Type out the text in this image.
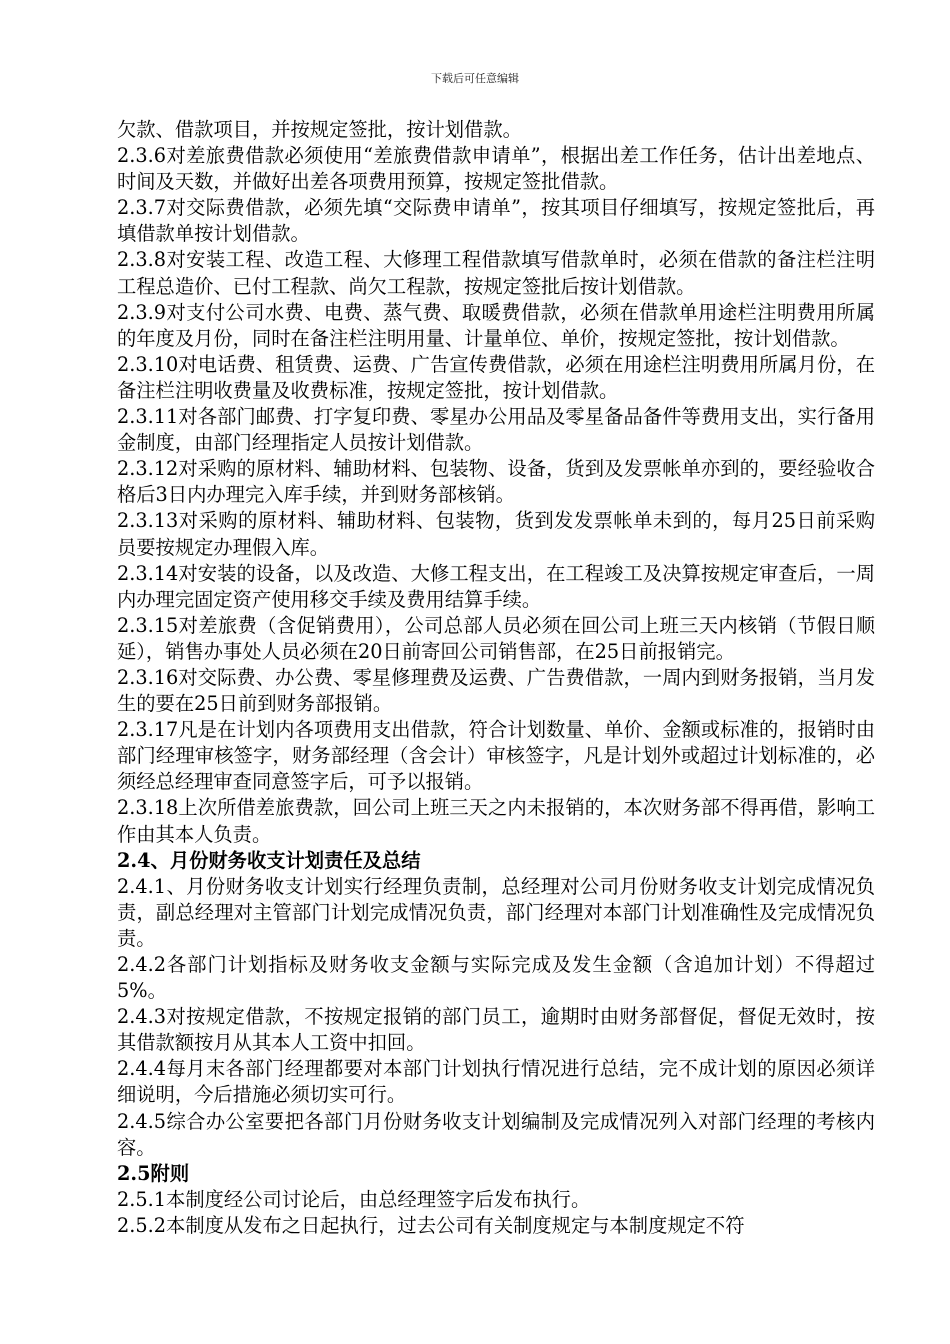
下载后可任意编辑

欠款、借款项目，并按规定签批，按计划借款。

2.3.6对差旅费借款必须使用“差旅费借款申请单”，根据出差工作任务，估计出差地点、时间及天数，并做好出差各项费用预算，按规定签批借款。

2.3.7对交际费借款，必须先填“交际费申请单”，按其项目仔细填写，按规定签批后，再填借款单按计划借款。

2.3.8对安装工程、改造工程、大修理工程借款填写借款单时，必须在借款的备注栏注明工程总造价、已付工程款、尚欠工程款，按规定签批后按计划借款。

2.3.9对支付公司水费、电费、蒸气费、取暖费借款，必须在借款单用途栏注明费用所属的年度及月份，同时在备注栏注明用量、计量单位、单价，按规定签批，按计划借款。

2.3.10对电话费、租赁费、运费、广告宣传费借款，必须在用途栏注明费用所属月份，在备注栏注明收费量及收费标准，按规定签批，按计划借款。

2.3.11对各部门邮费、打字复印费、零星办公用品及零星备品备件等费用支出，实行备用金制度，由部门经理指定人员按计划借款。

2.3.12对采购的原材料、辅助材料、包装物、设备，货到及发票帐单亦到的，要经验收合格后3日内办理完入库手续，并到财务部核销。

2.3.13对采购的原材料、辅助材料、包装物，货到发发票帐单未到的，每月25日前采购员要按规定办理假入库。

2.3.14对安装的设备，以及改造、大修工程支出，在工程竣工及决算按规定审查后，一周内办理完固定资产使用移交手续及费用结算手续。

2.3.15对差旅费（含促销费用），公司总部人员必须在回公司上班三天内核销（节假日顺延），销售办事处人员必须在20日前寄回公司销售部，在25日前报销完。

2.3.16对交际费、办公费、零星修理费及运费、广告费借款，一周内到财务报销，当月发生的要在25日前到财务部报销。

2.3.17凡是在计划内各项费用支出借款，符合计划数量、单价、金额或标准的，报销时由部门经理审核签字，财务部经理（含会计）审核签字，凡是计划外或超过计划标准的，必须经总经理审查同意签字后，可予以报销。

2.3.18上次所借差旅费款，回公司上班三天之内未报销的，本次财务部不得再借，影响工作由其本人负责。

2.4、月份财务收支计划责任及总结

2.4.1、月份财务收支计划实行经理负责制，总经理对公司月份财务收支计划完成情况负责，副总经理对主管部门计划完成情况负责，部门经理对本部门计划准确性及完成情况负责。

2.4.2各部门计划指标及财务收支金额与实际完成及发生金额（含追加计划）不得超过5%。

2.4.3对按规定借款，不按规定报销的部门员工，逾期时由财务部督促，督促无效时，按其借款额按月从其本人工资中扣回。

2.4.4每月末各部门经理都要对本部门计划执行情况进行总结，完不成计划的原因必须详细说明，今后措施必须切实可行。

2.4.5综合办公室要把各部门月份财务收支计划编制及完成情况列入对部门经理的考核内容。

2.5附则

2.5.1本制度经公司讨论后，由总经理签字后发布执行。

2.5.2本制度从发布之日起执行，过去公司有关制度规定与本制度规定不符
